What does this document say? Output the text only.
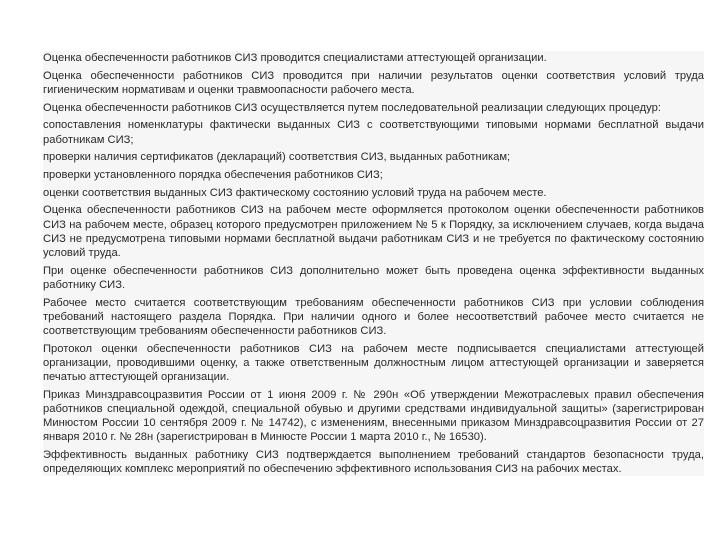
Оценка обеспеченности работников СИЗ проводится специалистами аттестующей организации.

Оценка обеспеченности работников СИЗ проводится при наличии результатов оценки соответствия условий труда гигиеническим нормативам и оценки травмоопасности рабочего места.

Оценка обеспеченности работников СИЗ осуществляется путем последовательной реализации следующих процедур:

сопоставления номенклатуры фактически выданных СИЗ с соответствующими типовыми нормами бесплатной выдачи работникам СИЗ;

проверки наличия сертификатов (деклараций) соответствия СИЗ, выданных работникам;

проверки установленного порядка обеспечения работников СИЗ;

оценки соответствия выданных СИЗ фактическому состоянию условий труда на рабочем месте.

Оценка обеспеченности работников СИЗ на рабочем месте оформляется протоколом оценки обеспеченности работников СИЗ на рабочем месте, образец которого предусмотрен приложением № 5 к Порядку, за исключением случаев, когда выдача СИЗ не предусмотрена типовыми нормами бесплатной выдачи работникам СИЗ и не требуется по фактическому состоянию условий труда.

При оценке обеспеченности работников СИЗ дополнительно может быть проведена оценка эффективности выданных работнику СИЗ.

Рабочее место считается соответствующим требованиям обеспеченности работников СИЗ при условии соблюдения требований настоящего раздела Порядка. При наличии одного и более несоответствий рабочее место считается не соответствующим требованиям обеспеченности работников СИЗ.

Протокол оценки обеспеченности работников СИЗ на рабочем месте подписывается специалистами аттестующей организации, проводившими оценку, а также ответственным должностным лицом аттестующей организации и заверяется печатью аттестующей организации.

Приказ Минздравсоцразвития России от 1 июня 2009 г. № 290н «Об утверждении Межотраслевых правил обеспечения работников специальной одеждой, специальной обувью и другими средствами индивидуальной защиты» (зарегистрирован Минюстом России 10 сентября 2009 г. № 14742), с изменениям, внесенными приказом Минздравсоцразвития России от 27 января 2010 г. № 28н (зарегистрирован в Минюсте России 1 марта 2010 г., № 16530).

Эффективность выданных работнику СИЗ подтверждается выполнением требований стандартов безопасности труда, определяющих комплекс мероприятий по обеспечению эффективного использования СИЗ на рабочих местах.
